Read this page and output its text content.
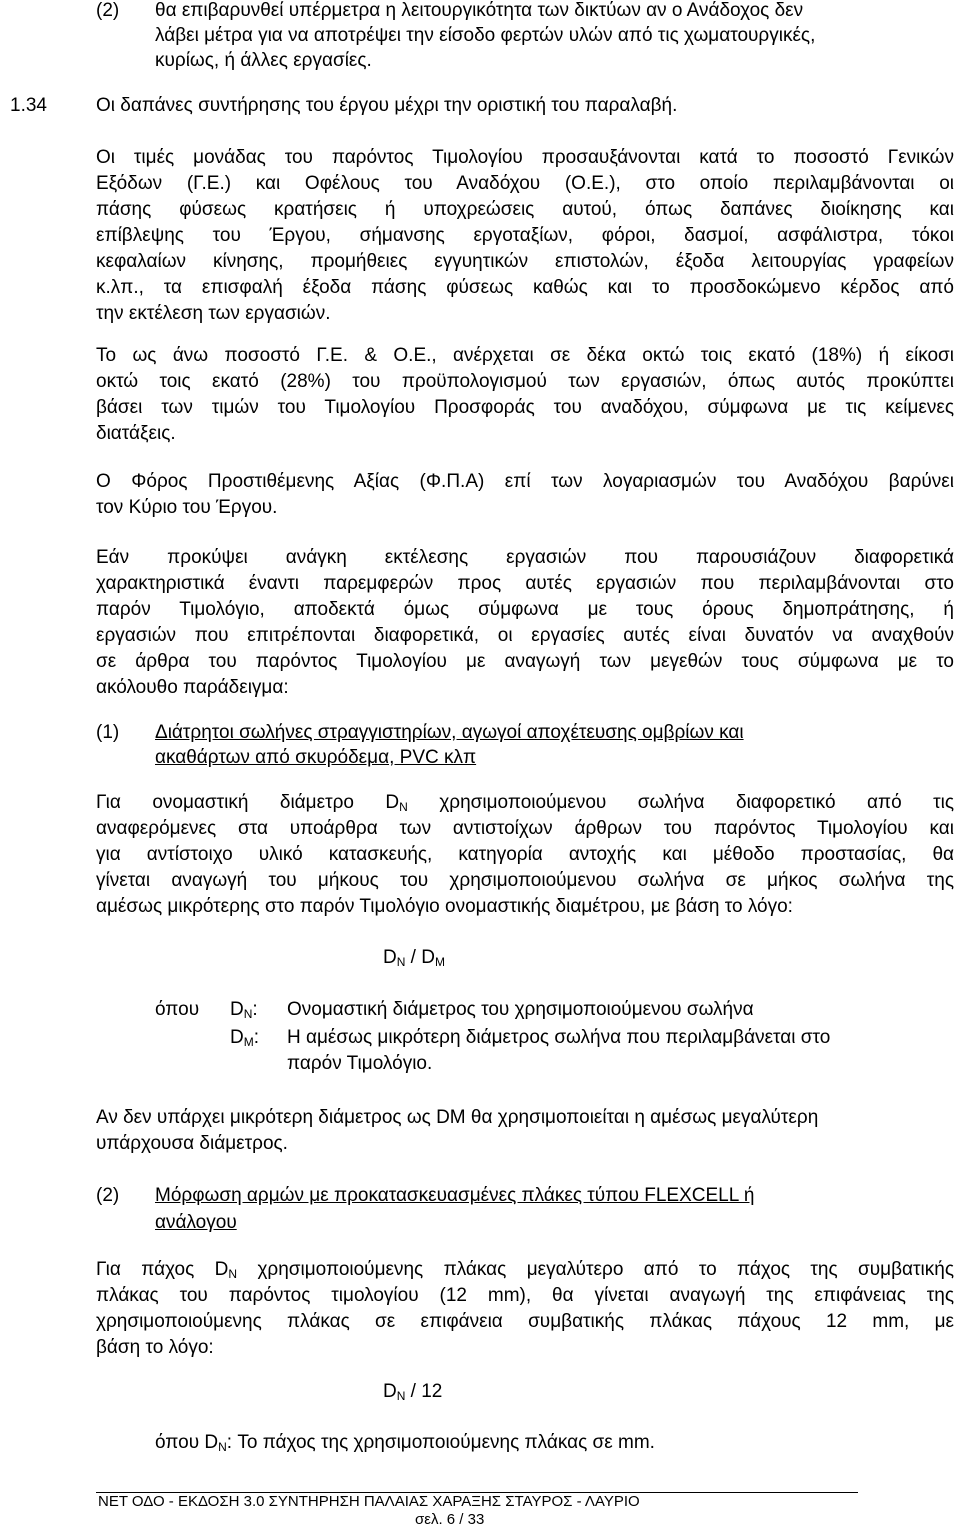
(2) θα επιβαρυνθεί υπέρμετρα η λειτουργικότητα των δικτύων αν ο Ανάδοχος δεν
λάβει μέτρα για να αποτρέψει την είσοδο φερτών υλών από τις χωματουργικές,
κυρίως, ή άλλες εργασίες.
1.34	Οι δαπάνες συντήρησης του έργου μέχρι την οριστική του παραλαβή.
Οι τιμές μονάδας του παρόντος Τιμολογίου προσαυξάνονται κατά το ποσοστό Γενικών
Εξόδων (Γ.Ε.) και Οφέλους του Αναδόχου (Ο.Ε.), στο οποίο περιλαμβάνονται οι
πάσης φύσεως κρατήσεις ή υποχρεώσεις αυτού, όπως δαπάνες διοίκησης και
επίβλεψης του Έργου, σήμανσης εργοταξίων, φόροι, δασμοί, ασφάλιστρα, τόκοι
κεφαλαίων κίνησης, προμήθειες εγγυητικών επιστολών, έξοδα λειτουργίας γραφείων
κ.λπ., τα επισφαλή έξοδα πάσης φύσεως καθώς και το προσδοκώμενο κέρδος από
την εκτέλεση των εργασιών.
Το ως άνω ποσοστό Γ.Ε. & Ο.Ε., ανέρχεται σε δέκα οκτώ τοις εκατό (18%) ή είκοσι
οκτώ τοις εκατό (28%) του προϋπολογισμού των εργασιών, όπως αυτός προκύπτει
βάσει των τιμών του Τιμολογίου Προσφοράς του αναδόχου, σύμφωνα με τις κείμενες
διατάξεις.
Ο Φόρος Προστιθέμενης Αξίας (Φ.Π.Α) επί των λογαριασμών του Αναδόχου βαρύνει
τον Κύριο του Έργου.
Εάν προκύψει ανάγκη εκτέλεσης εργασιών που παρουσιάζουν διαφορετικά
χαρακτηριστικά έναντι παρεμφερών προς αυτές εργασιών που περιλαμβάνονται στο
παρόν Τιμολόγιο, αποδεκτά όμως σύμφωνα με τους όρους δημοπράτησης, ή
εργασιών που επιτρέπονται διαφορετικά, οι εργασίες αυτές είναι δυνατόν να αναχθούν
σε άρθρα του παρόντος Τιμολογίου με αναγωγή των μεγεθών τους σύμφωνα με το
ακόλουθο παράδειγμα:
(1) Διάτρητοι σωλήνες στραγγιστηρίων, αγωγοί αποχέτευσης ομβρίων και
ακαθάρτων από σκυρόδεμα, PVC κλπ
Για ονομαστική διάμετρο $D_N$ χρησιμοποιούμενου σωλήνα διαφορετικό από τις
αναφερόμενες στα υποάρθρα των αντιστοίχων άρθρων του παρόντος Τιμολογίου και
για αντίστοιχο υλικό κατασκευής, κατηγορία αντοχής και μέθοδο προστασίας, θα
γίνεται αναγωγή του μήκους του χρησιμοποιούμενου σωλήνα σε μήκος σωλήνα της
αμέσως μικρότερης στο παρόν Τιμολόγιο ονομαστικής διαμέτρου, με βάση το λόγο:
$D_N / D_M$
όπου $D_N$: Ονομαστική διάμετρος του χρησιμοποιούμενου σωλήνα
$D_M$: Η αμέσως μικρότερη διάμετρος σωλήνα που περιλαμβάνεται στο
παρόν Τιμολόγιο.
Αν δεν υπάρχει μικρότερη διάμετρος ως DM θα χρησιμοποιείται η αμέσως μεγαλύτερη
υπάρχουσα διάμετρος.
(2) Μόρφωση αρμών με προκατασκευασμένες πλάκες τύπου FLEXCELL ή
ανάλογου
Για πάχος $D_N$ χρησιμοποιούμενης πλάκας μεγαλύτερο από το πάχος της συμβατικής
πλάκας του παρόντος τιμολογίου (12 mm), θα γίνεται αναγωγή της επιφάνειας της
χρησιμοποιούμενης πλάκας σε επιφάνεια συμβατικής πλάκας πάχους 12 mm, με
βάση το λόγο:
$D_N / 12$
όπου $D_N$: Το πάχος της χρησιμοποιούμενης πλάκας σε mm.
ΝΕΤ ΟΔΟ - ΕΚΔΟΣΗ 3.0 ΣΥΝΤΗΡΗΣΗ ΠΑΛΑΙΑΣ ΧΑΡΑΞΗΣ ΣΤΑΥΡΟΣ - ΛΑΥΡΙΟ
σελ. 6 / 33
